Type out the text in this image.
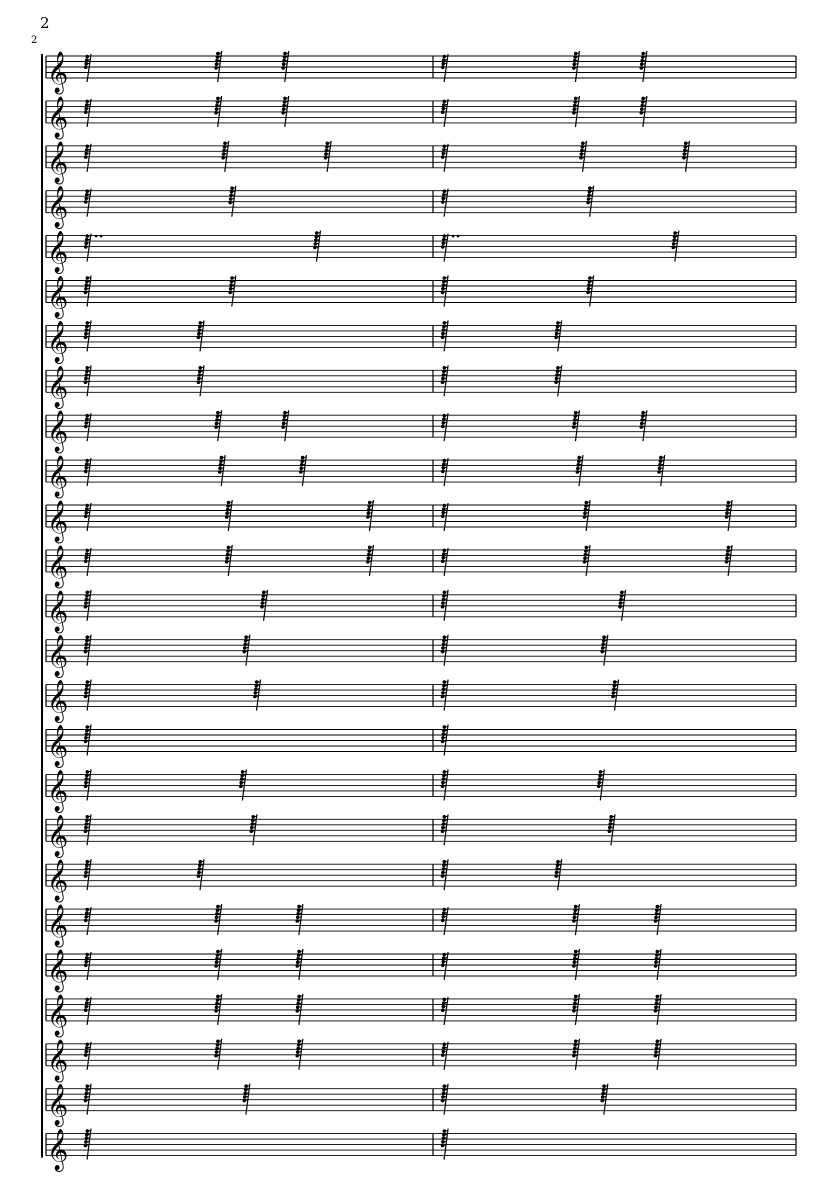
2
2
𝄞
𝄞
𝄞
𝄞
𝄞
𝄞
𝄞
𝄞
𝄞
𝄞
𝄞
𝄞
𝄞
𝄞
𝄞
𝄞
𝄞
𝄞
𝄞
𝄞
𝄞
𝄞
𝄞
𝄞
𝄞
